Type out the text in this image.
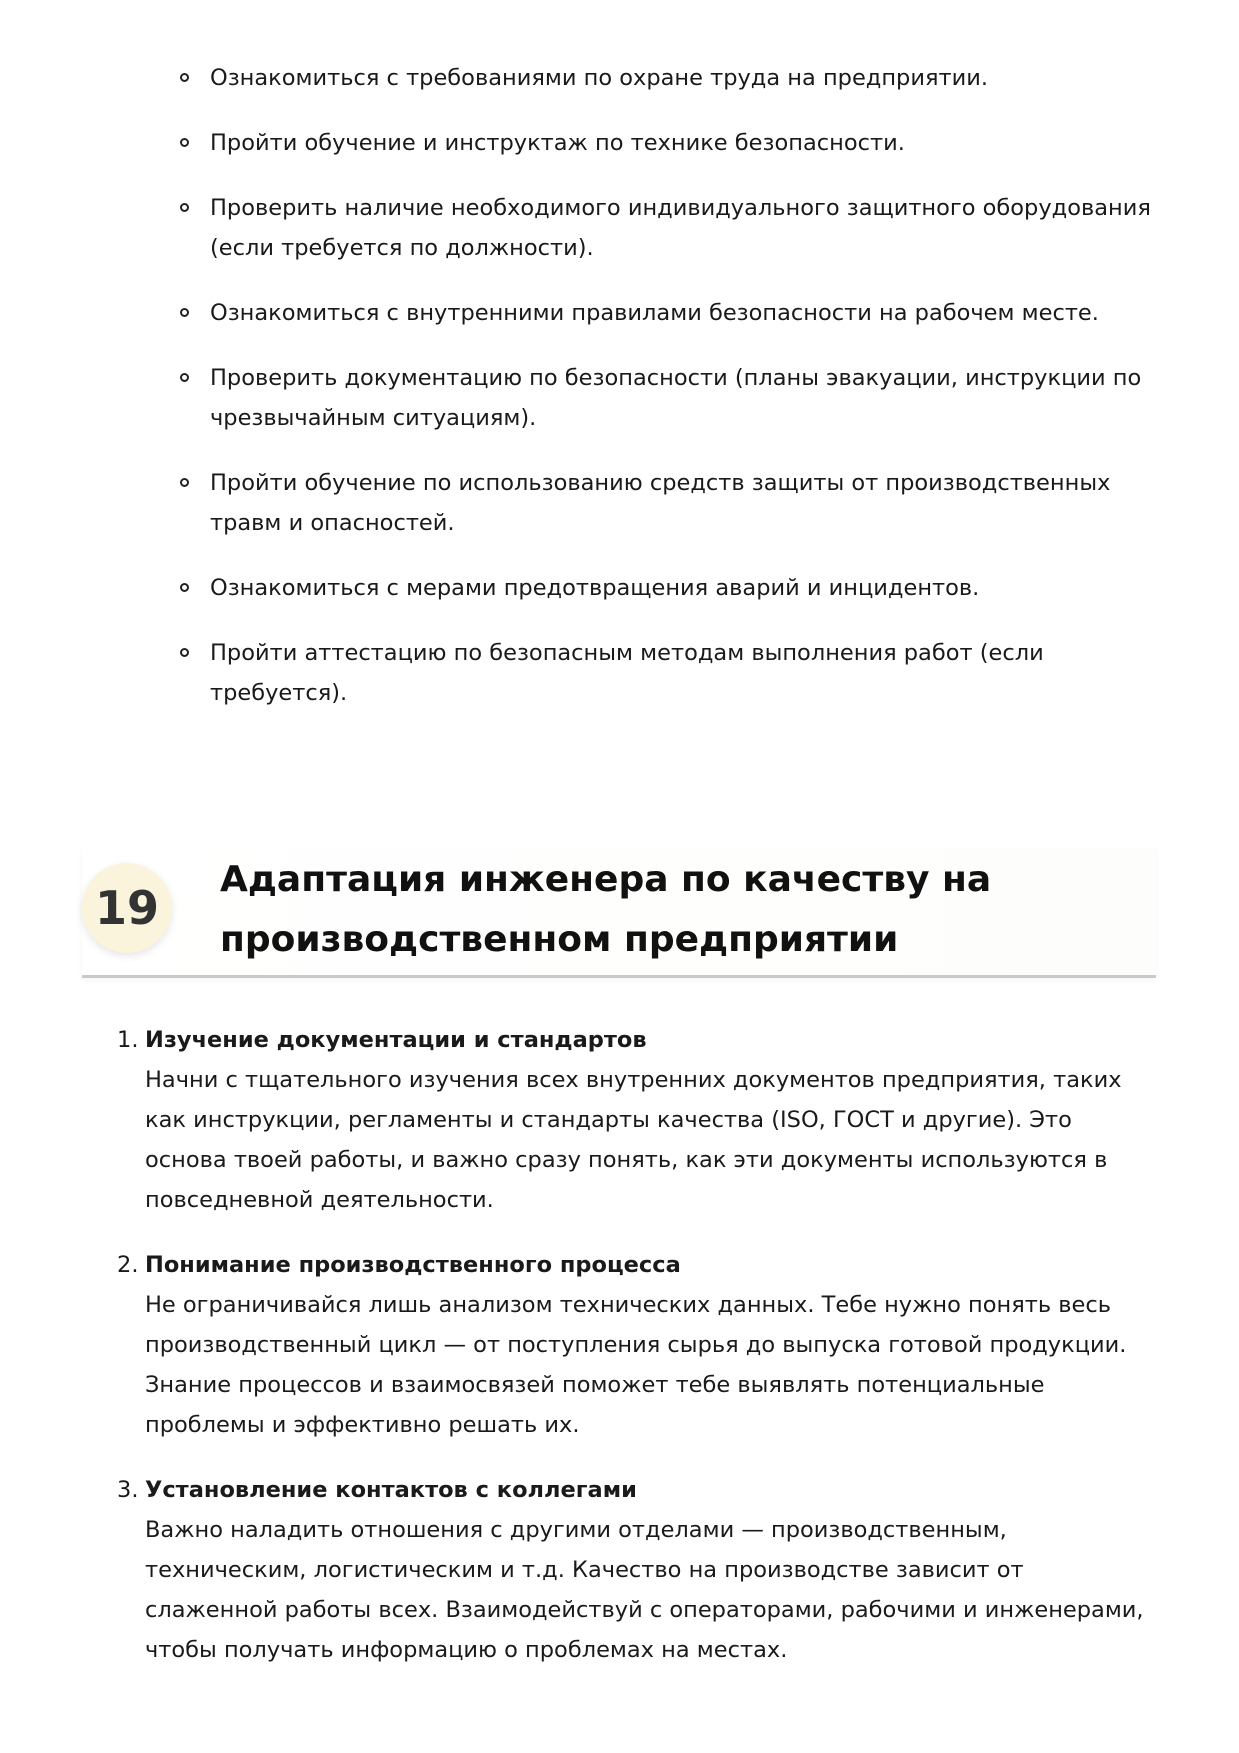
Ознакомиться с требованиями по охране труда на предприятии.
Пройти обучение и инструктаж по технике безопасности.
Проверить наличие необходимого индивидуального защитного оборудования (если требуется по должности).
Ознакомиться с внутренними правилами безопасности на рабочем месте.
Проверить документацию по безопасности (планы эвакуации, инструкции по чрезвычайным ситуациям).
Пройти обучение по использованию средств защиты от производственных травм и опасностей.
Ознакомиться с мерами предотвращения аварий и инцидентов.
Пройти аттестацию по безопасным методам выполнения работ (если требуется).
19
Адаптация инженера по качеству на производственном предприятии
1. Изучение документации и стандартов
Начни с тщательного изучения всех внутренних документов предприятия, таких как инструкции, регламенты и стандарты качества (ISO, ГОСТ и другие). Это основа твоей работы, и важно сразу понять, как эти документы используются в повседневной деятельности.
2. Понимание производственного процесса
Не ограничивайся лишь анализом технических данных. Тебе нужно понять весь производственный цикл — от поступления сырья до выпуска готовой продукции. Знание процессов и взаимосвязей поможет тебе выявлять потенциальные проблемы и эффективно решать их.
3. Установление контактов с коллегами
Важно наладить отношения с другими отделами — производственным, техническим, логистическим и т.д. Качество на производстве зависит от слаженной работы всех. Взаимодействуй с операторами, рабочими и инженерами, чтобы получать информацию о проблемах на местах.
